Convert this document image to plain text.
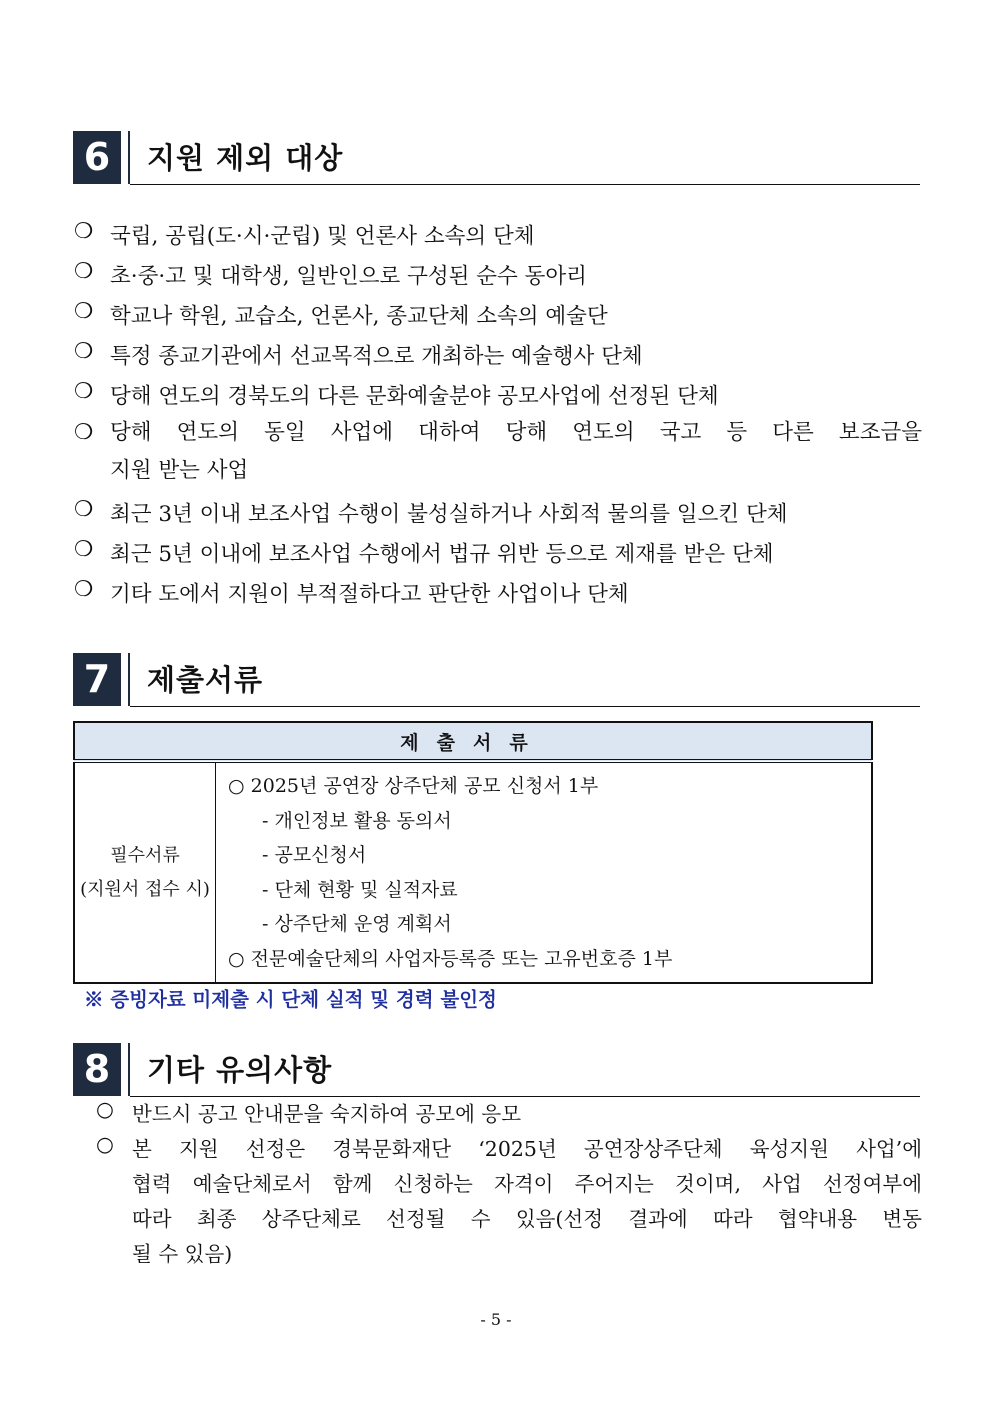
6	지원 제외 대상
❍ 국립, 공립(도·시·군립) 및 언론사 소속의 단체
❍ 초·중·고 및 대학생, 일반인으로 구성된 순수 동아리
❍ 학교나 학원, 교습소, 언론사, 종교단체 소속의 예술단
❍ 특정 종교기관에서 선교목적으로 개최하는 예술행사 단체
❍ 당해 연도의 경북도의 다른 문화예술분야 공모사업에 선정된 단체
❍ 당해 연도의 동일 사업에 대하여 당해 연도의 국고 등 다른 보조금을
지원 받는 사업
❍ 최근 3년 이내 보조사업 수행이 불성실하거나 사회적 물의를 일으킨 단체
❍ 최근 5년 이내에 보조사업 수행에서 법규 위반 등으로 제재를 받은 단체
❍ 기타 도에서 지원이 부적절하다고 판단한 사업이나 단체
7	제출서류
제출서류

필수서류
(지원서 접수 시)

○ 2025년 공연장 상주단체 공모 신청서 1부
- 개인정보 활용 동의서
- 공모신청서
- 단체 현황 및 실적자료
- 상주단체 운영 계획서
○ 전문예술단체의 사업자등록증 또는 고유번호증 1부
※ 증빙자료 미제출 시 단체 실적 및 경력 불인정
8	기타 유의사항
○ 반드시 공고 안내문을 숙지하여 공모에 응모
○ 본 지원 선정은 경북문화재단 ‘2025년 공연장상주단체 육성지원 사업’에
협력 예술단체로서 함께 신청하는 자격이 주어지는 것이며, 사업 선정여부에
따라 최종 상주단체로 선정될 수 있음(선정 결과에 따라 협약내용 변동
될 수 있음)
- 5 -
